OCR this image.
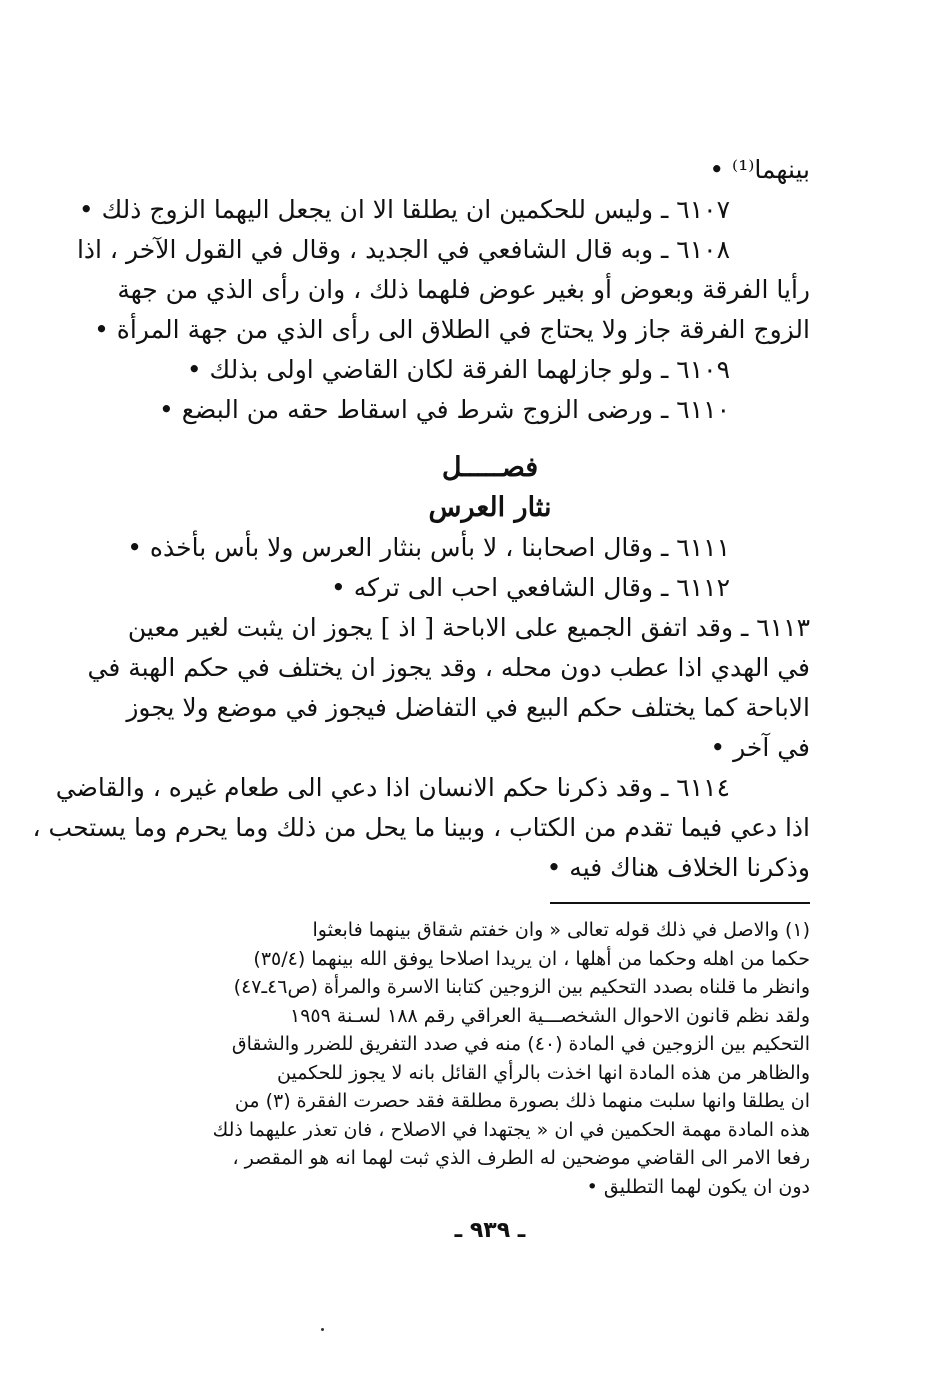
بينهما⁽¹⁾ •
٦١٠٧ ـ وليس للحكمين ان يطلقا الا ان يجعل اليهما الزوج ذلك •
٦١٠٨ ـ وبه قال الشافعي في الجديد ، وقال في القول الآخر ، اذا
رأيا الفرقة وبعوض أو بغير عوض فلهما ذلك ، وان رأى الذي من جهة
الزوج الفرقة جاز ولا يحتاج في الطلاق الى رأى الذي من جهة المرأة •
٦١٠٩ ـ ولو جازلهما الفرقة لكان القاضي اولى بذلك •
٦١١٠ ـ ورضى الزوج شرط في اسقاط حقه من البضع •
فصـــــل
نثار العرس
٦١١١ ـ وقال اصحابنا ، لا بأس بنثار العرس ولا بأس بأخذه •
٦١١٢ ـ وقال الشافعي احب الى تركه •
٦١١٣ ـ وقد اتفق الجميع على الاباحة [ اذ ] يجوز ان يثبت لغير معين
في الهدي اذا عطب دون محله ، وقد يجوز ان يختلف في حكم الهبة في
الاباحة كما يختلف حكم البيع في التفاضل فيجوز في موضع ولا يجوز
في آخر •
٦١١٤ ـ وقد ذكرنا حكم الانسان اذا دعي الى طعام غيره ، والقاضي
اذا دعي فيما تقدم من الكتاب ، وبينا ما يحل من ذلك وما يحرم وما يستحب ،
وذكرنا الخلاف هناك فيه •
(١) والاصل في ذلك قوله تعالى « وان خفتم شقاق بينهما فابعثوا
حكما من اهله وحكما من أهلها ، ان يريدا اصلاحا يوفق الله بينهما (٣٥/٤)
وانظر ما قلناه بصدد التحكيم بين الزوجين كتابنا الاسرة والمرأة (ص٤٦ـ٤٧)
ولقد نظم قانون الاحوال الشخصـــية العراقي رقم ١٨٨ لسـنة ١٩٥٩
التحكيم بين الزوجين في المادة (٤٠) منه في صدد التفريق للضرر والشقاق
والظاهر من هذه المادة انها اخذت بالرأي القائل بانه لا يجوز للحكمين
ان يطلقا وانها سلبت منهما ذلك بصورة مطلقة فقد حصرت الفقرة (٣) من
هذه المادة مهمة الحكمين في ان « يجتهدا في الاصلاح ، فان تعذر عليهما ذلك
رفعا الامر الى القاضي موضحين له الطرف الذي ثبت لهما انه هو المقصر ،
دون ان يكون لهما التطليق •
ـ ٩٣٩ ـ
